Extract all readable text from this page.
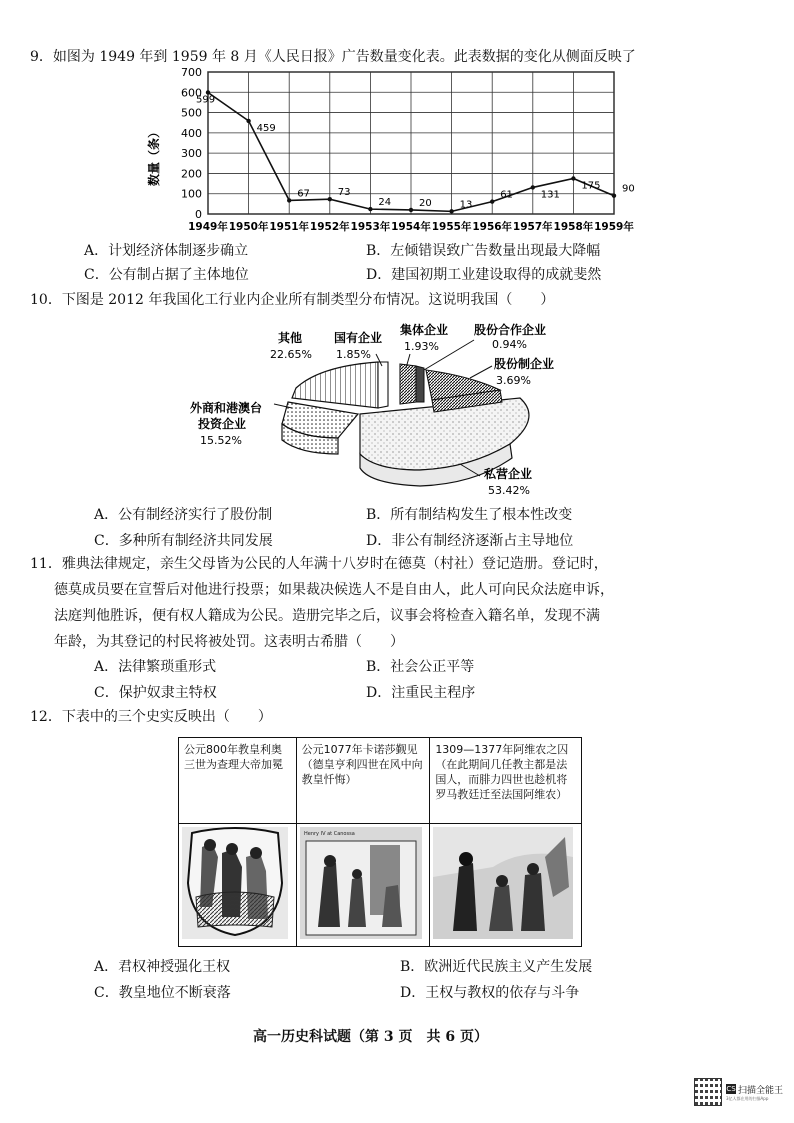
9．如图为 1949 年到 1959 年 8 月《人民日报》广告数量变化表。此表数据的变化从侧面反映了
0
100
200
300
400
500
600
700
1949年 1950年 1951年 1952年 1953年 1954年 1955年 1956年 1957年 1958年 1959年
599
459
67	73
24	20	13
61	131
175 90
数量（条）
A．计划经济体制逐步确立	B．左倾错误致广告数量出现最大降幅
C．公有制占据了主体地位	D．建国初期工业建设取得的成就斐然
10．下图是 2012 年我国化工行业内企业所有制类型分布情况。这说明我国（　　）
其他
22.65%
国有企业
1.85%
集体企业
1.93%
股份合作企业
0.94%
股份制企业
3.69%
外商和港澳台
投资企业
15.52%
私营企业
53.42%
A．公有制经济实行了股份制	B．所有制结构发生了根本性改变
C．多种所有制经济共同发展	D．非公有制经济逐渐占主导地位
11．雅典法律规定，亲生父母皆为公民的人年满十八岁时在德莫（村社）登记造册。登记时，
德莫成员要在宣誓后对他进行投票；如果裁决候选人不是自由人，此人可向民众法庭申诉，
法庭判他胜诉，便有权人籍成为公民。造册完毕之后，议事会将检查入籍名单，发现不满
年龄，为其登记的村民将被处罚。这表明古希腊（　　）
A．法律繁琐重形式	B．社会公正平等
C．保护奴隶主特权	D．注重民主程序
12．下表中的三个史实反映出（　　）
公元800年教皇利奥三世为查理大帝加冕	公元1077年卡诺莎觐见（德皇亨利四世在风中向教皇忏悔）	1309—1377年阿维农之囚（在此期间几任教主都是法国人，而腓力四世也趁机将罗马教廷迁至法国阿维农）

Henry IV at Canossa

A．君权神授强化王权	B．欧洲近代民族主义产生发展
C．教皇地位不断衰落	D．王权与教权的依存与斗争
高一历史科试题（第 3 页　共 6 页）
CS 扫描全能王
3亿人都在用的扫描App
